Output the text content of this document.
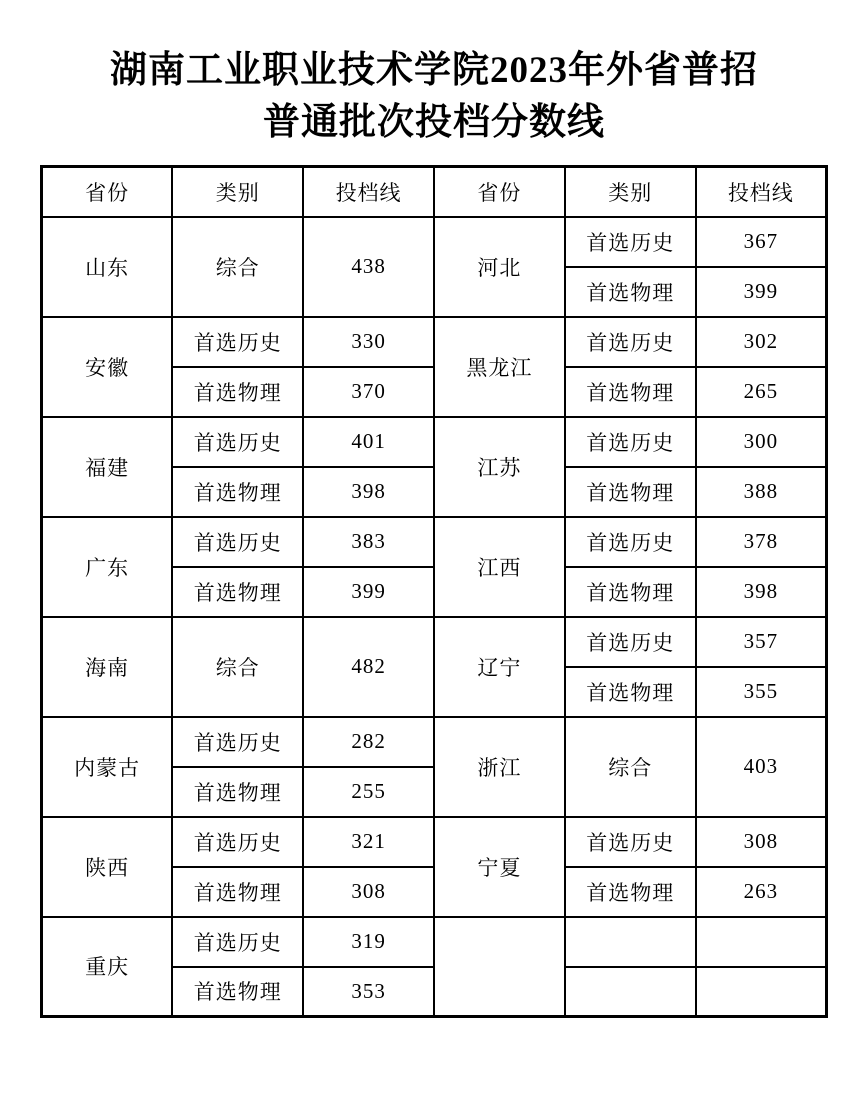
湖南工业职业技术学院2023年外省普招
普通批次投档分数线
省份	类别	投档线	省份	类别	投档线
山东	综合	438	河北	首选历史	367
				首选物理	399
安徽	首选历史	330	黑龙江	首选历史	302
	首选物理	370		首选物理	265
福建	首选历史	401	江苏	首选历史	300
	首选物理	398		首选物理	388
广东	首选历史	383	江西	首选历史	378
	首选物理	399		首选物理	398
海南	综合	482	辽宁	首选历史	357
				首选物理	355
内蒙古	首选历史	282	浙江	综合	403
	首选物理	255			
陕西	首选历史	321	宁夏	首选历史	308
	首选物理	308		首选物理	263
重庆	首选历史	319			
	首选物理	353			
